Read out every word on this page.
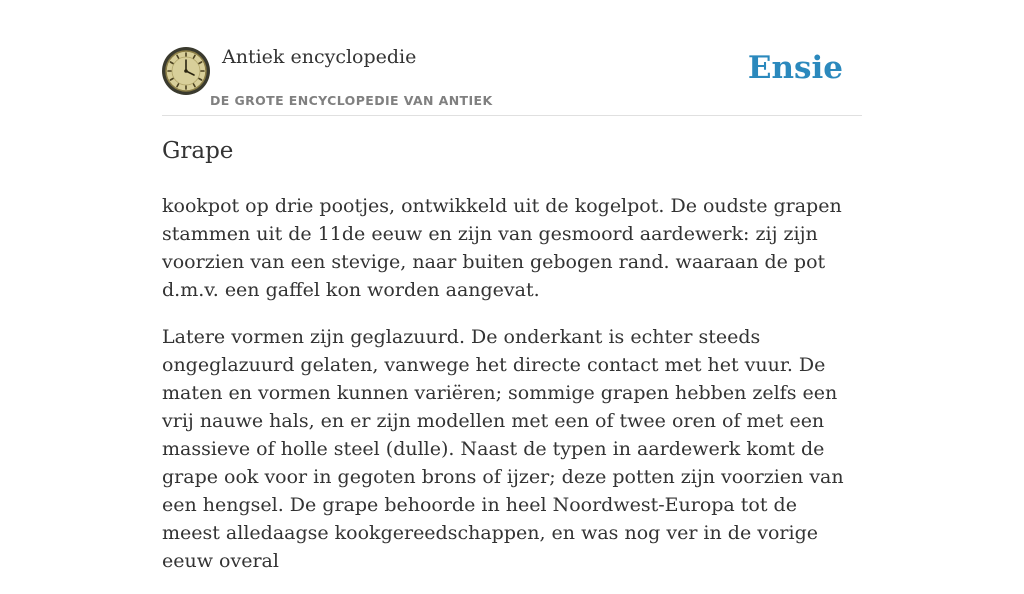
Antiek encyclopedie
DE GROTE ENCYCLOPEDIE VAN ANTIEK
Ensie
Grape

kookpot op drie pootjes, ontwikkeld uit de kogelpot. De oudste grapen stammen uit de 11de eeuw en zijn van gesmoord aardewerk: zij zijn voorzien van een stevige, naar buiten gebogen rand. waaraan de pot d.m.v. een gaffel kon worden aangevat.

Latere vormen zijn geglazuurd. De onderkant is echter steeds ongeglazuurd gelaten, vanwege het directe contact met het vuur. De maten en vormen kunnen variëren; sommige grapen hebben zelfs een vrij nauwe hals, en er zijn modellen met een of twee oren of met een massieve of holle steel (dulle). Naast de typen in aardewerk komt de grape ook voor in gegoten brons of ijzer; deze potten zijn voorzien van een hengsel. De grape behoorde in heel Noordwest-Europa tot de meest alledaagse kookgereedschappen, en was nog ver in de vorige eeuw overal
